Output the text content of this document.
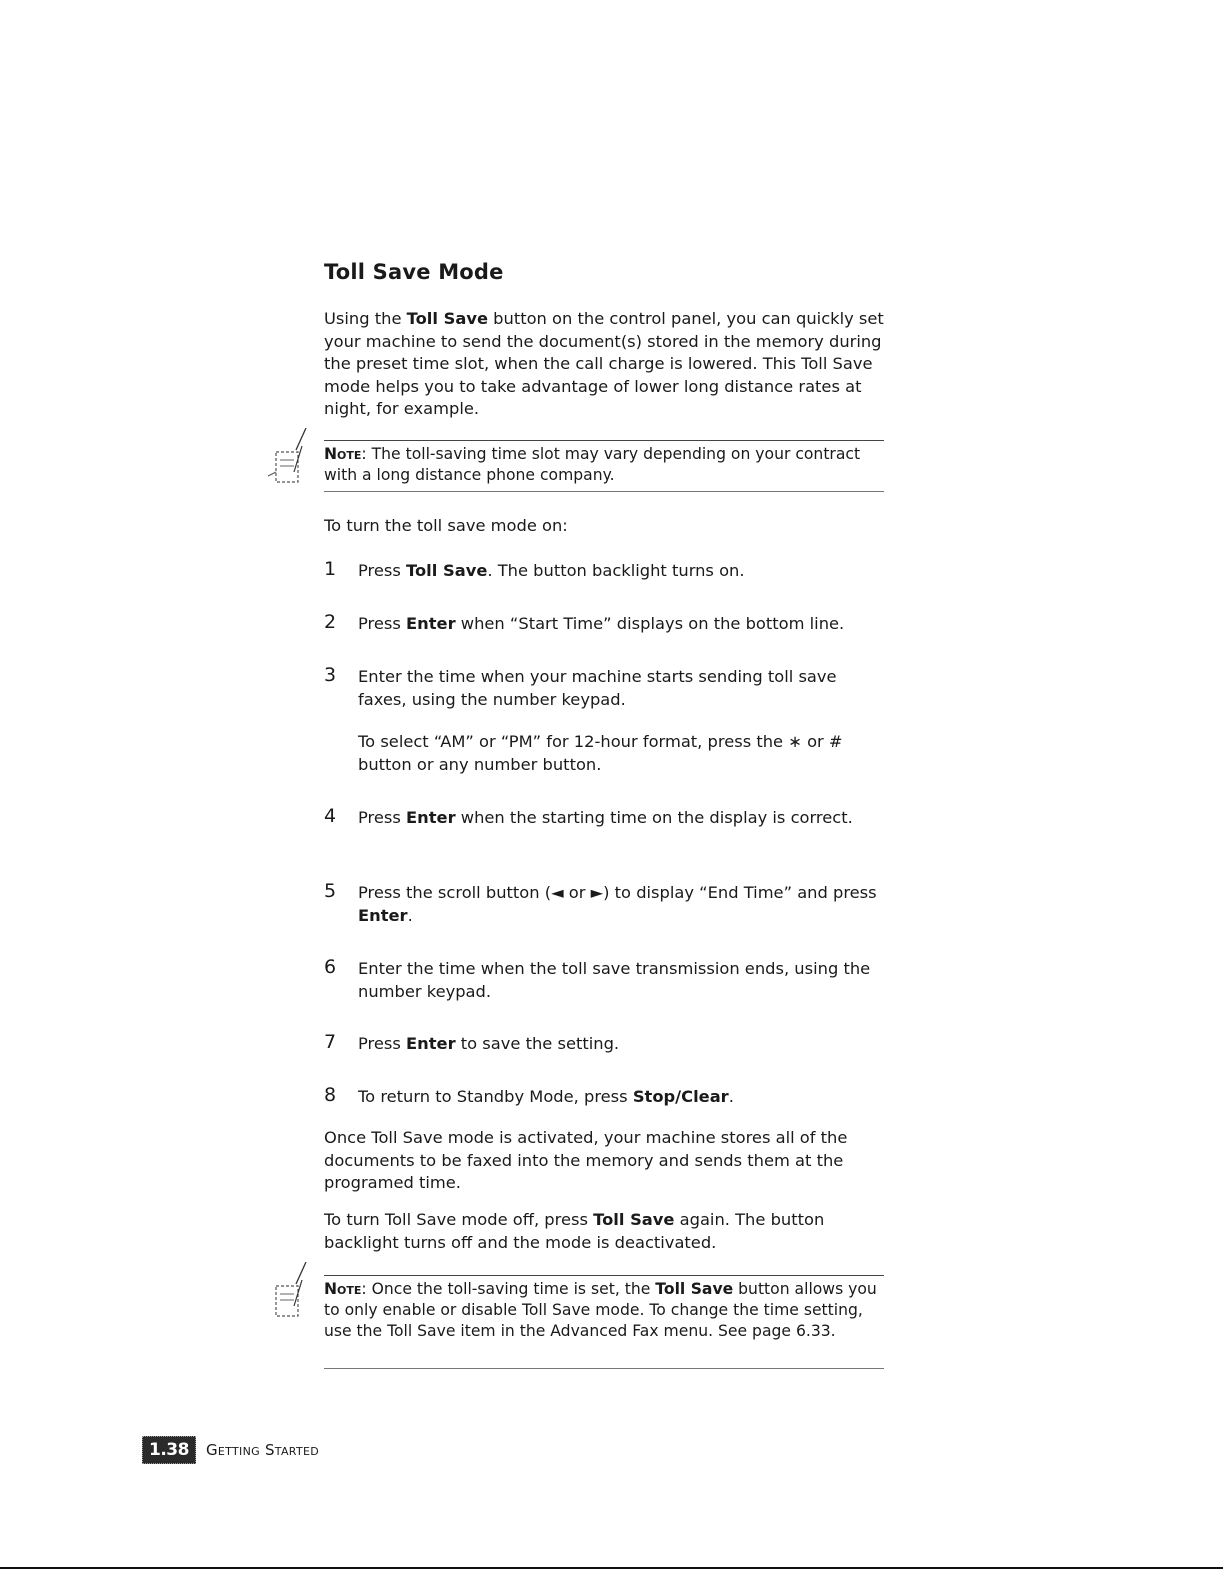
Toll Save Mode
Using the Toll Save button on the control panel, you can quickly set your machine to send the document(s) stored in the memory during the preset time slot, when the call charge is lowered. This Toll Save mode helps you to take advantage of lower long distance rates at night, for example.
Note: The toll-saving time slot may vary depending on your contract with a long distance phone company.
To turn the toll save mode on:
1 Press Toll Save. The button backlight turns on.
2 Press Enter when “Start Time” displays on the bottom line.
3 Enter the time when your machine starts sending toll save faxes, using the number keypad.
To select “AM” or “PM” for 12-hour format, press the ∗ or # button or any number button.
4 Press Enter when the starting time on the display is correct.
5 Press the scroll button (◄ or ►) to display “End Time” and press Enter.
6 Enter the time when the toll save transmission ends, using the number keypad.
7 Press Enter to save the setting.
8 To return to Standby Mode, press Stop/Clear.
Once Toll Save mode is activated, your machine stores all of the documents to be faxed into the memory and sends them at the programed time.
To turn Toll Save mode off, press Toll Save again. The button backlight turns off and the mode is deactivated.
Note: Once the toll-saving time is set, the Toll Save button allows you to only enable or disable Toll Save mode. To change the time setting, use the Toll Save item in the Advanced Fax menu. See page 6.33.
1.38	Getting Started
